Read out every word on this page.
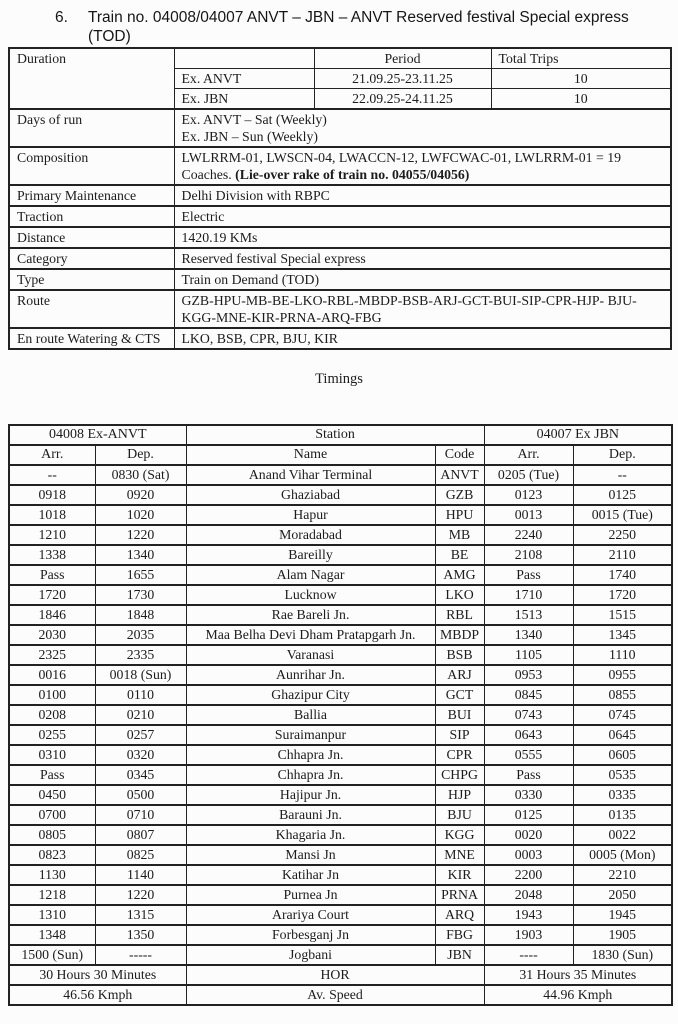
6.	Train no. 04008/04007 ANVT – JBN – ANVT Reserved festival Special express
(TOD)
Duration		Period	Total Trips
	Ex. ANVT	21.09.25-23.11.25	10
	Ex. JBN	22.09.25-24.11.25	10
Days of run	Ex. ANVT – Sat (Weekly)
Ex. JBN – Sun (Weekly)		

Composition	LWLRRM-01, LWSCN-04, LWACCN-12, LWFCWAC-01, LWLRRM-01 = 19 Coaches. (Lie-over rake of train no. 04055/04056)		
Primary Maintenance	Delhi Division with RBPC		
Traction	Electric		
Distance	1420.19 KMs		
Category	Reserved festival Special express		
Type	Train on Demand (TOD)		
Route	GZB-HPU-MB-BE-LKO-RBL-MBDP-BSB-ARJ-GCT-BUI-SIP-CPR-HJP- BJU-
KGG-MNE-KIR-PRNA-ARQ-FBG		

En route Watering & CTS	LKO, BSB, CPR, BJU, KIR		
Timings
04008 Ex-ANVT		Station		04007 Ex JBN	
Arr.	Dep.	Name	Code	Arr.	Dep.
--	0830 (Sat)	Anand Vihar Terminal	ANVT	0205 (Tue)	--
0918	0920	Ghaziabad	GZB	0123	0125
1018	1020	Hapur	HPU	0013	0015 (Tue)
1210	1220	Moradabad	MB	2240	2250
1338	1340	Bareilly	BE	2108	2110
Pass	1655	Alam Nagar	AMG	Pass	1740
1720	1730	Lucknow	LKO	1710	1720
1846	1848	Rae Bareli Jn.	RBL	1513	1515
2030	2035	Maa Belha Devi Dham Pratapgarh Jn.	MBDP	1340	1345
2325	2335	Varanasi	BSB	1105	1110
0016	0018 (Sun)	Aunrihar Jn.	ARJ	0953	0955
0100	0110	Ghazipur City	GCT	0845	0855
0208	0210	Ballia	BUI	0743	0745
0255	0257	Suraimanpur	SIP	0643	0645
0310	0320	Chhapra Jn.	CPR	0555	0605
Pass	0345	Chhapra Jn.	CHPG	Pass	0535
0450	0500	Hajipur Jn.	HJP	0330	0335
0700	0710	Barauni Jn.	BJU	0125	0135
0805	0807	Khagaria Jn.	KGG	0020	0022
0823	0825	Mansi Jn	MNE	0003	0005 (Mon)
1130	1140	Katihar Jn	KIR	2200	2210
1218	1220	Purnea Jn	PRNA	2048	2050
1310	1315	Arariya Court	ARQ	1943	1945
1348	1350	Forbesganj Jn	FBG	1903	1905
1500 (Sun)	-----	Jogbani	JBN	----	1830 (Sun)
30 Hours 30 Minutes		HOR		31 Hours 35 Minutes	
46.56 Kmph		Av. Speed		44.96 Kmph	
